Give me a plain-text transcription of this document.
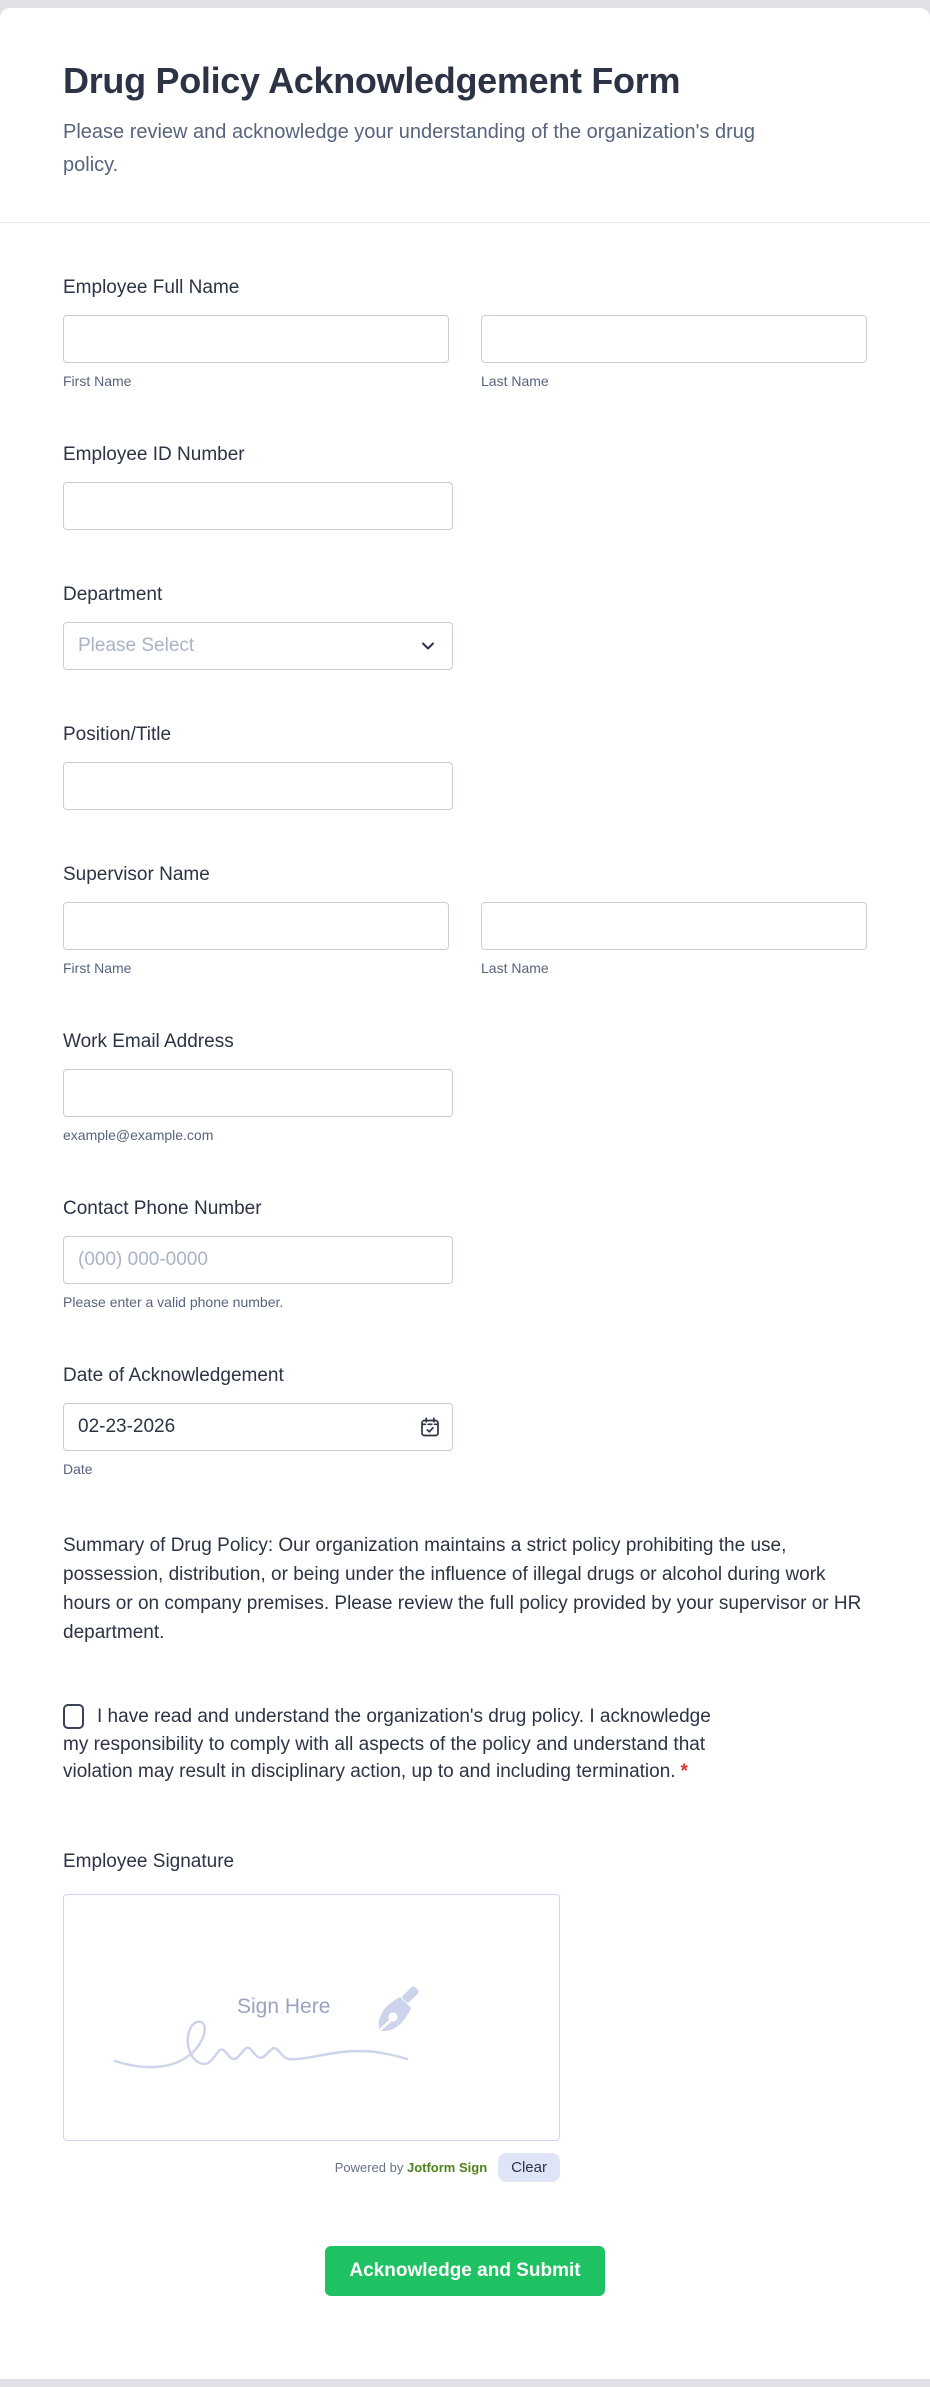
Drug Policy Acknowledgement Form
Please review and acknowledge your understanding of the organization's drug policy.
Employee Full Name
First Name	Last Name
Employee ID Number
Department
Please Select
Position/Title
Supervisor Name
First Name	Last Name
Work Email Address
example@example.com
Contact Phone Number
(000) 000-0000
Please enter a valid phone number.
Date of Acknowledgement
02-23-2026
Date
Summary of Drug Policy: Our organization maintains a strict policy prohibiting the use, possession, distribution, or being under the influence of illegal drugs or alcohol during work hours or on company premises. Please review the full policy provided by your supervisor or HR department.
I have read and understand the organization's drug policy. I acknowledge my responsibility to comply with all aspects of the policy and understand that violation may result in disciplinary action, up to and including termination. *
Employee Signature
Sign Here
Powered by Jotform Sign	Clear
Acknowledge and Submit
